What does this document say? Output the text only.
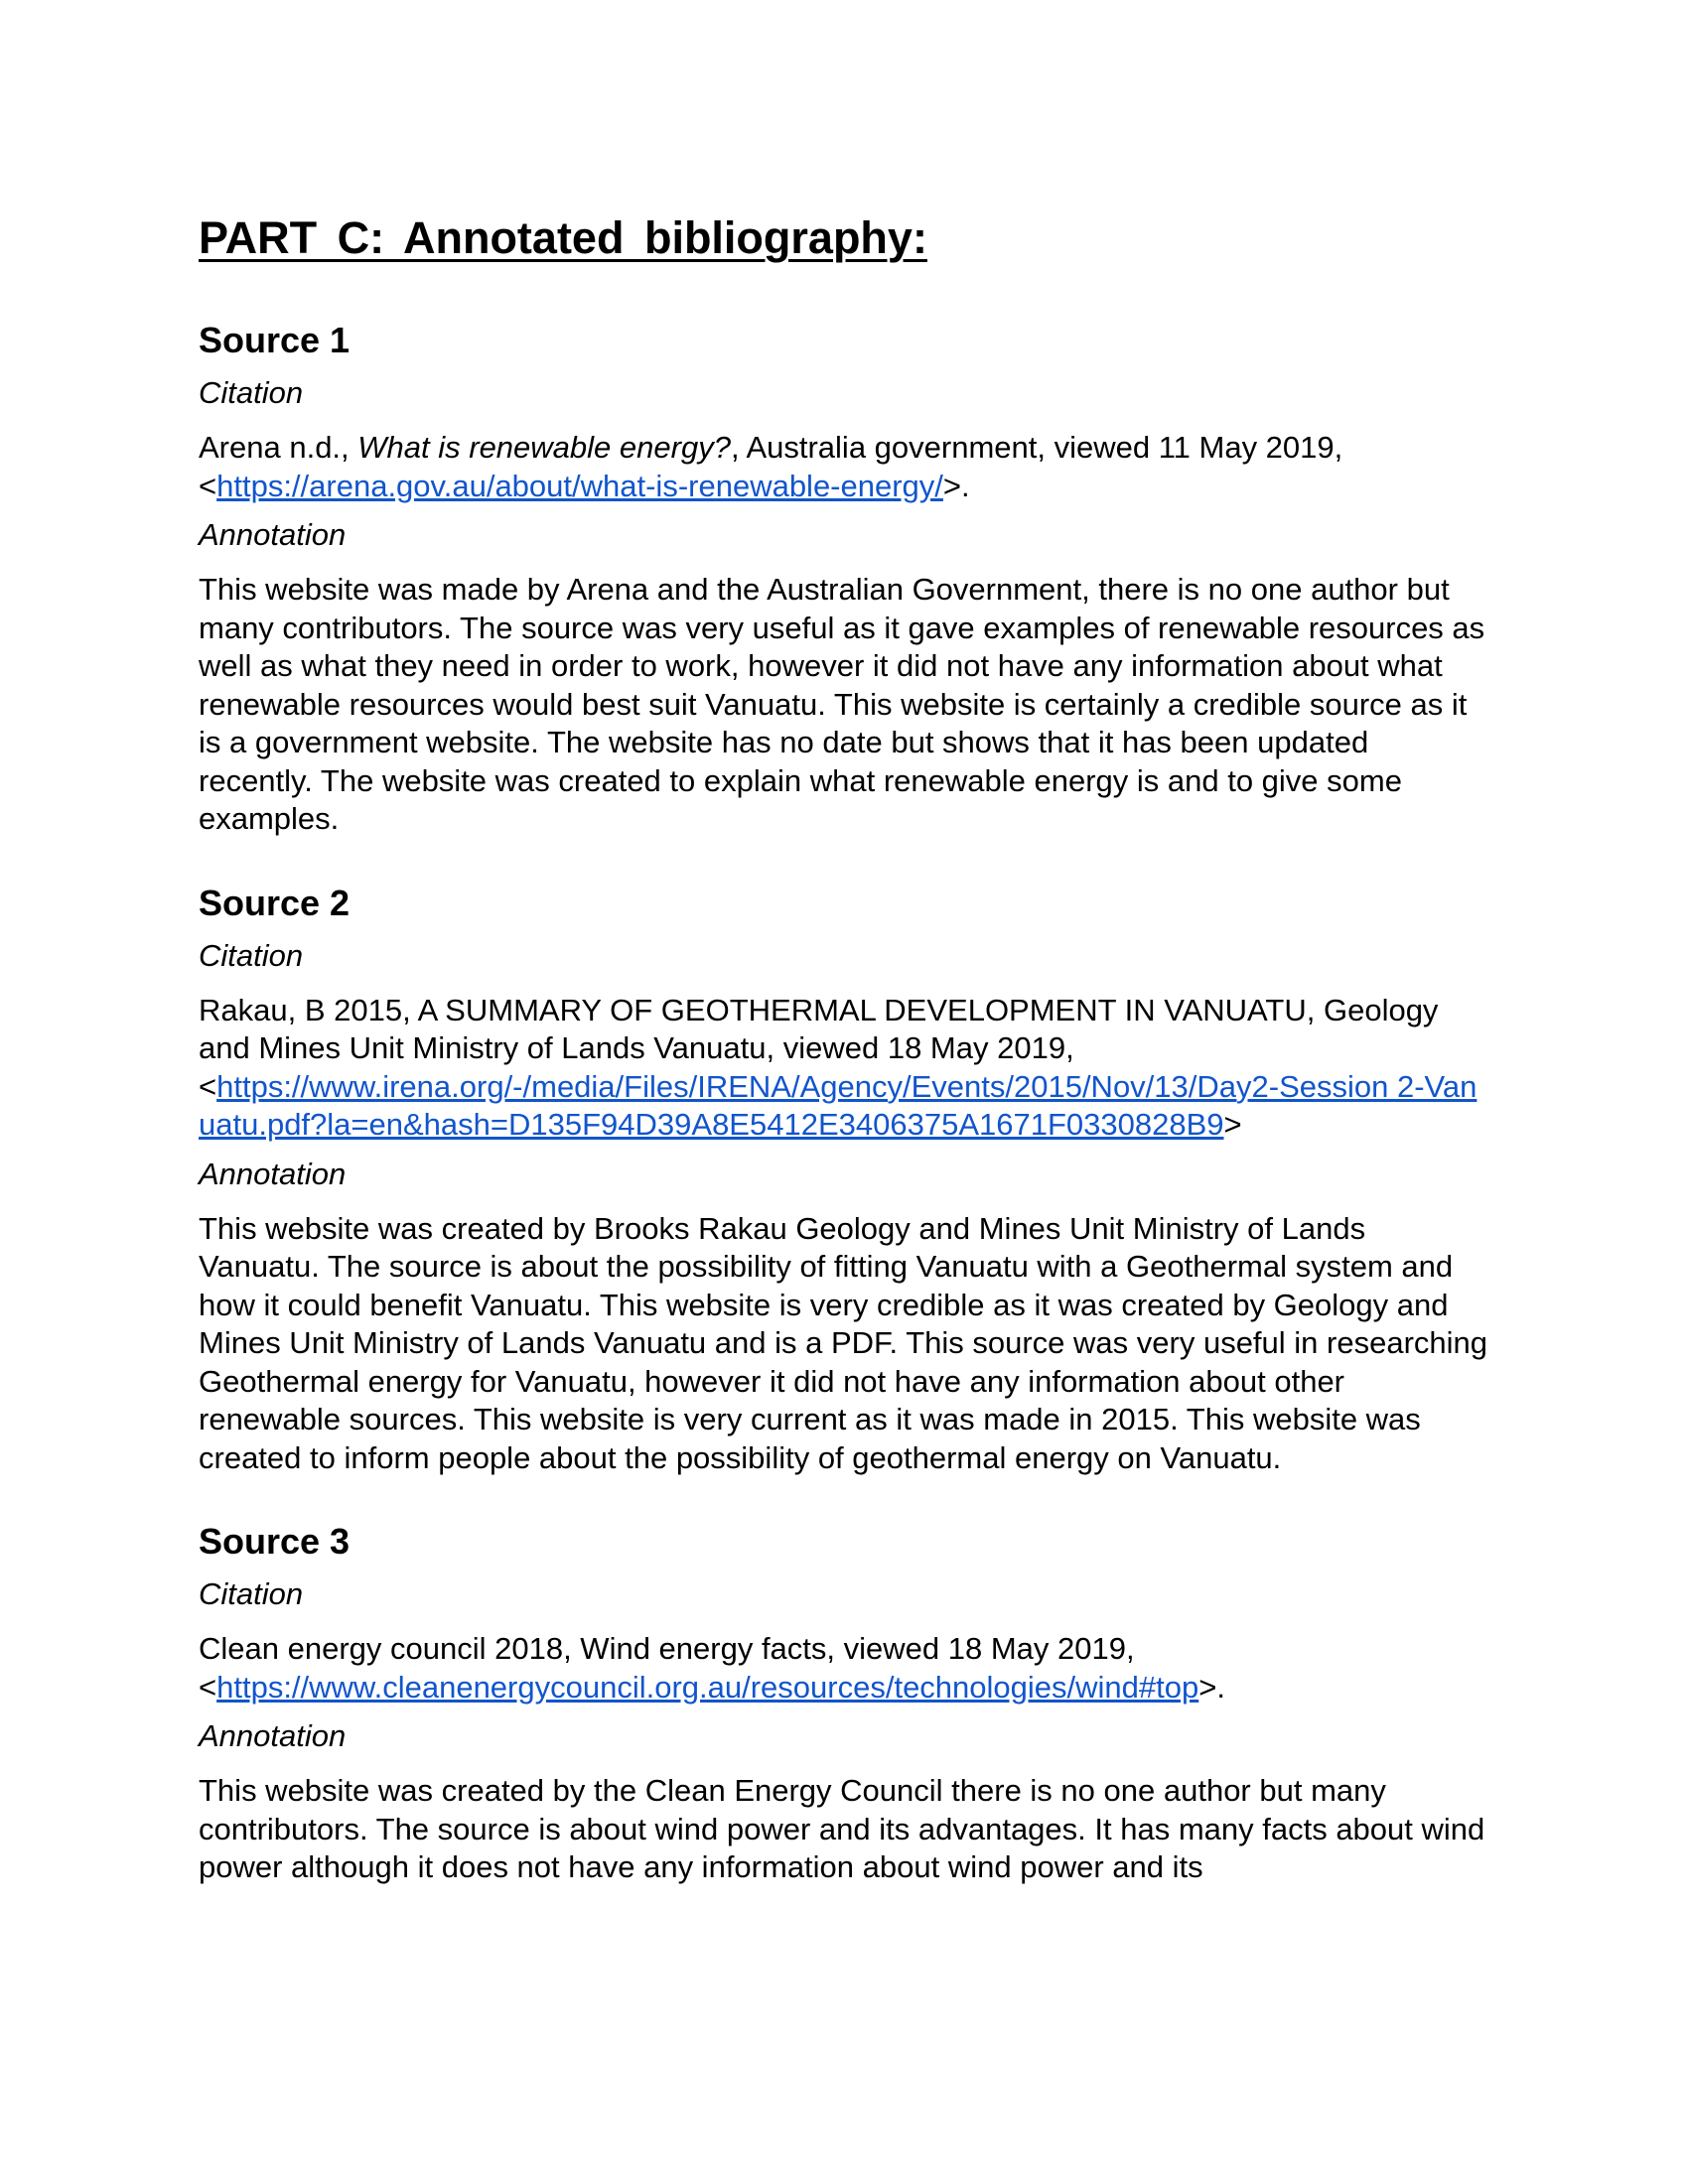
PART C: Annotated bibliography:
Source 1
Citation

Arena n.d., What is renewable energy?, Australia government, viewed 11 May 2019,
<https://arena.gov.au/about/what-is-renewable-energy/>.

Annotation

This website was made by Arena and the Australian Government, there is no one author but many contributors. The source was very useful as it gave examples of renewable resources as well as what they need in order to work, however it did not have any information about what renewable resources would best suit Vanuatu. This website is certainly a credible source as it is a government website. The website has no date but shows that it has been updated recently. The website was created to explain what renewable energy is and to give some examples.

Source 2
Citation

Rakau, B 2015, A SUMMARY OF GEOTHERMAL DEVELOPMENT IN VANUATU, Geology and Mines Unit Ministry of Lands Vanuatu, viewed 18 May 2019,
<https://www.irena.org/-/media/Files/IRENA/Agency/Events/2015/Nov/13/Day2-Session 2-Vanuatu.pdf?la=en&hash=D135F94D39A8E5412E3406375A1671F0330828B9>

Annotation

This website was created by Brooks Rakau Geology and Mines Unit Ministry of Lands Vanuatu. The source is about the possibility of fitting Vanuatu with a Geothermal system and how it could benefit Vanuatu. This website is very credible as it was created by Geology and Mines Unit Ministry of Lands Vanuatu and is a PDF. This source was very useful in researching Geothermal energy for Vanuatu, however it did not have any information about other renewable sources. This website is very current as it was made in 2015. This website was created to inform people about the possibility of geothermal energy on Vanuatu.

Source 3
Citation

Clean energy council 2018, Wind energy facts, viewed 18 May 2019,
<https://www.cleanenergycouncil.org.au/resources/technologies/wind#top>.

Annotation

This website was created by the Clean Energy Council there is no one author but many contributors. The source is about wind power and its advantages. It has many facts about wind power although it does not have any information about wind power and its
